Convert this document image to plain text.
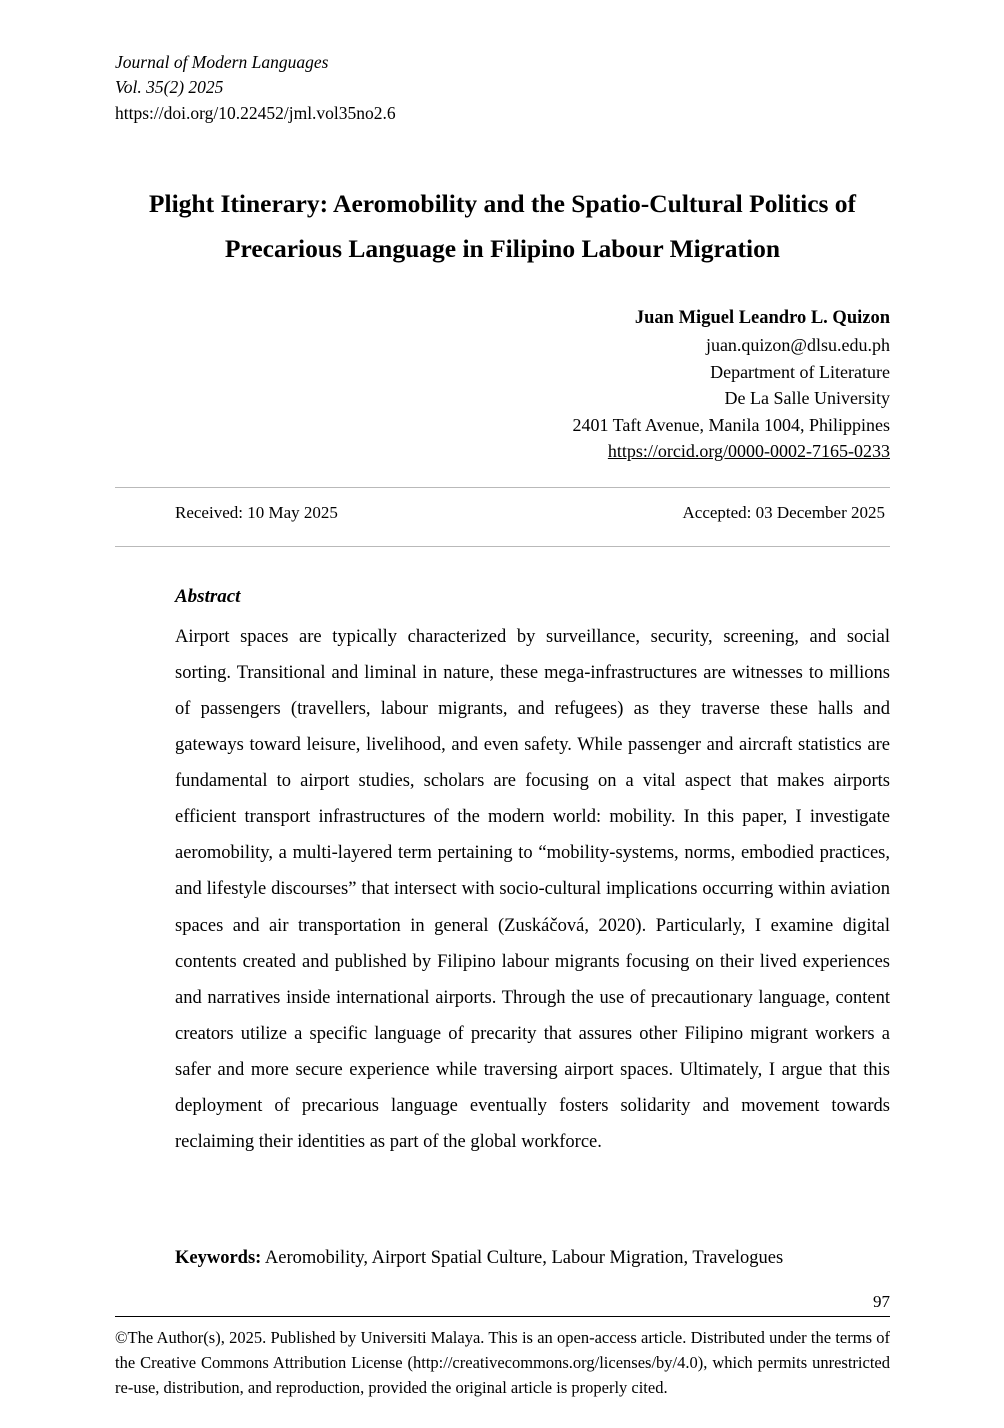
Journal of Modern Languages
Vol. 35(2) 2025
https://doi.org/10.22452/jml.vol35no2.6
Plight Itinerary: Aeromobility and the Spatio-Cultural Politics of
Precarious Language in Filipino Labour Migration
Juan Miguel Leandro L. Quizon
juan.quizon@dlsu.edu.ph
Department of Literature
De La Salle University
2401 Taft Avenue, Manila 1004, Philippines
https://orcid.org/0000-0002-7165-0233
Received: 10 May 2025	Accepted: 03 December 2025
Abstract
Airport spaces are typically characterized by surveillance, security, screening, and social sorting. Transitional and liminal in nature, these mega-infrastructures are witnesses to millions of passengers (travellers, labour migrants, and refugees) as they traverse these halls and gateways toward leisure, livelihood, and even safety. While passenger and aircraft statistics are fundamental to airport studies, scholars are focusing on a vital aspect that makes airports efficient transport infrastructures of the modern world: mobility. In this paper, I investigate aeromobility, a multi-layered term pertaining to “mobility-systems, norms, embodied practices, and lifestyle discourses” that intersect with socio-cultural implications occurring within aviation spaces and air transportation in general (Zuskáčová, 2020). Particularly, I examine digital contents created and published by Filipino labour migrants focusing on their lived experiences and narratives inside international airports. Through the use of precautionary language, content creators utilize a specific language of precarity that assures other Filipino migrant workers a safer and more secure experience while traversing airport spaces. Ultimately, I argue that this deployment of precarious language eventually fosters solidarity and movement towards reclaiming their identities as part of the global workforce.
Keywords: Aeromobility, Airport Spatial Culture, Labour Migration, Travelogues
97
©The Author(s), 2025. Published by Universiti Malaya. This is an open-access article. Distributed under the terms of the Creative Commons Attribution License (http://creativecommons.org/licenses/by/4.0), which permits unrestricted re-use, distribution, and reproduction, provided the original article is properly cited.
